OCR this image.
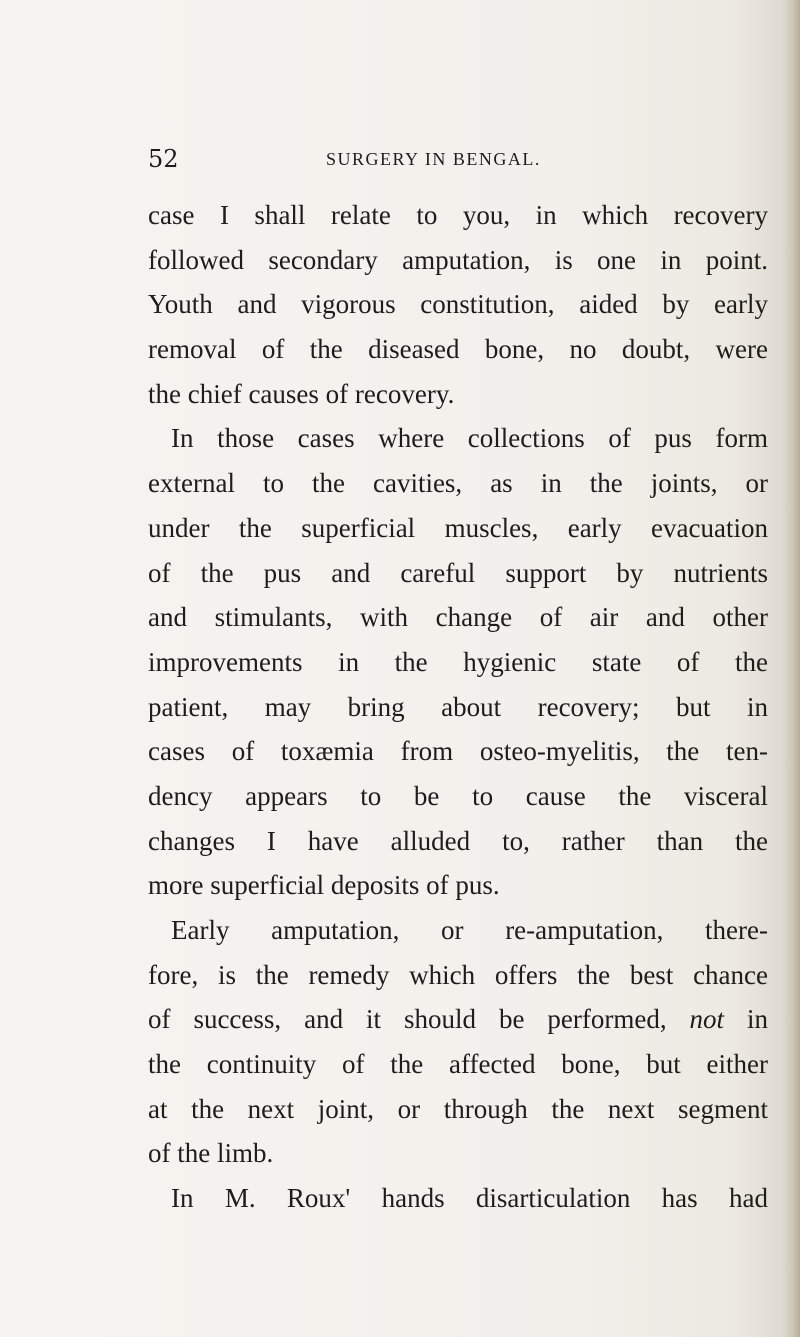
52	SURGERY IN BENGAL.
case I shall relate to you, in which recovery
followed secondary amputation, is one in point.
Youth and vigorous constitution, aided by early
removal of the diseased bone, no doubt, were
the chief causes of recovery.
In those cases where collections of pus form
external to the cavities, as in the joints, or
under the superficial muscles, early evacuation
of the pus and careful support by nutrients
and stimulants, with change of air and other
improvements in the hygienic state of the
patient, may bring about recovery; but in
cases of toxæmia from osteo-myelitis, the ten-
dency appears to be to cause the visceral
changes I have alluded to, rather than the
more superficial deposits of pus.
Early amputation, or re-amputation, there-
fore, is the remedy which offers the best chance
of success, and it should be performed, not in
the continuity of the affected bone, but either
at the next joint, or through the next segment
of the limb.
In M. Roux' hands disarticulation has had
